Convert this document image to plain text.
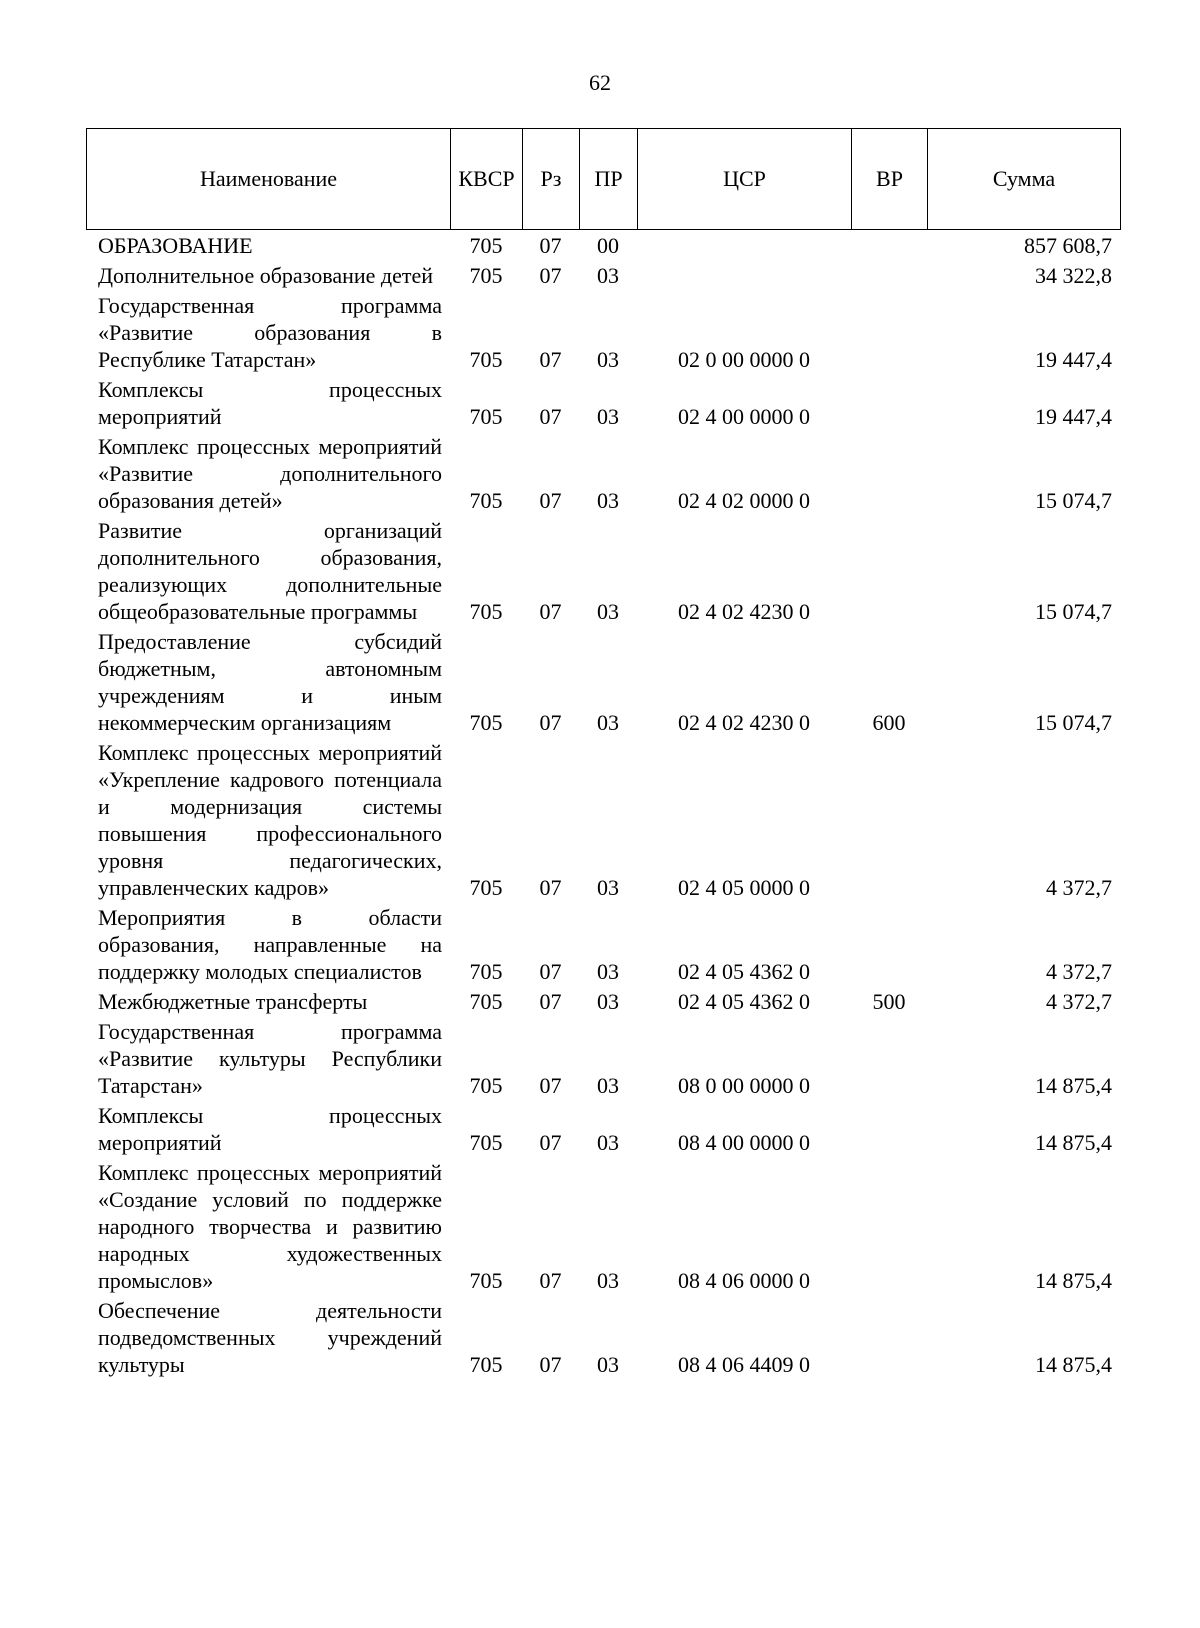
62
Наименование	КВСР	Рз	ПР	ЦСР	ВР	Сумма
ОБРАЗОВАНИЕ	705	07	00			857 608,7
Дополнительное образование детей	705	07	03			34 322,8
Государственная программа «Развитие образования в Республике Татарстан»	705	07	03	02 0 00 0000 0		19 447,4
Комплексы процессных мероприятий	705	07	03	02 4 00 0000 0		19 447,4
Комплекс процессных мероприятий «Развитие дополнительного образования детей»	705	07	03	02 4 02 0000 0		15 074,7
Развитие организаций дополнительного образования, реализующих дополнительные общеобразовательные программы	705	07	03	02 4 02 4230 0		15 074,7
Предоставление субсидий бюджетным, автономным учреждениям и иным некоммерческим организациям	705	07	03	02 4 02 4230 0	600	15 074,7
Комплекс процессных мероприятий «Укрепление кадрового потенциала и модернизация системы повышения профессионального уровня педагогических, управленческих кадров»	705	07	03	02 4 05 0000 0		4 372,7
Мероприятия в области образования, направленные на поддержку молодых специалистов	705	07	03	02 4 05 4362 0		4 372,7
Межбюджетные трансферты	705	07	03	02 4 05 4362 0	500	4 372,7
Государственная программа «Развитие культуры Республики Татарстан»	705	07	03	08 0 00 0000 0		14 875,4
Комплексы процессных мероприятий	705	07	03	08 4 00 0000 0		14 875,4
Комплекс процессных мероприятий «Создание условий по поддержке народного творчества и развитию народных художественных промыслов»	705	07	03	08 4 06 0000 0		14 875,4
Обеспечение деятельности подведомственных учреждений культуры	705	07	03	08 4 06 4409 0		14 875,4
